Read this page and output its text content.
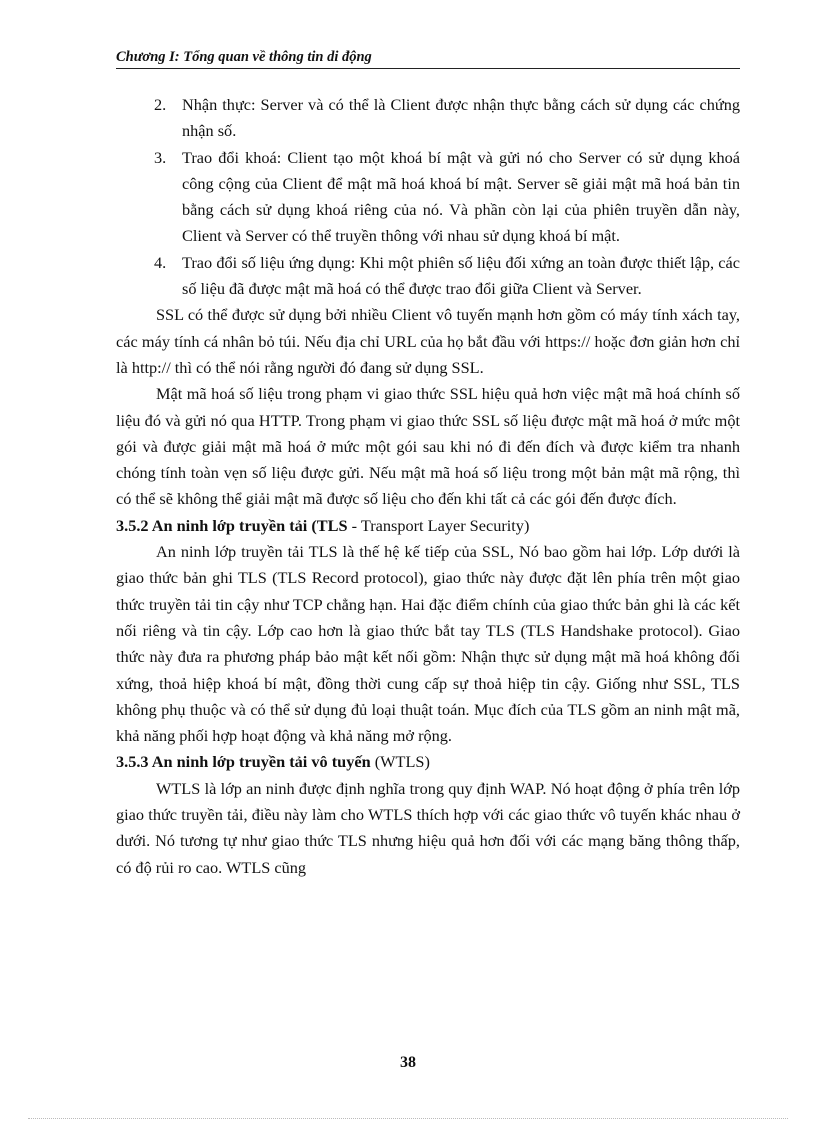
Chương I: Tổng quan về thông tin di động
2. Nhận thực: Server và có thể là Client được nhận thực bằng cách sử dụng các chứng nhận số.
3. Trao đổi khoá: Client tạo một khoá bí mật và gửi nó cho Server có sử dụng khoá công cộng của Client để mật mã hoá khoá bí mật. Server sẽ giải mật mã hoá bản tin bằng cách sử dụng khoá riêng của nó. Và phần còn lại của phiên truyền dẫn này, Client và Server có thể truyền thông với nhau sử dụng khoá bí mật.
4. Trao đổi số liệu ứng dụng: Khi một phiên số liệu đối xứng an toàn được thiết lập, các số liệu đã được mật mã hoá có thể được trao đổi giữa Client và Server.

SSL có thể được sử dụng bởi nhiều Client vô tuyến mạnh hơn gồm có máy tính xách tay, các máy tính cá nhân bỏ túi. Nếu địa chỉ URL của họ bắt đầu với https:// hoặc đơn giản hơn chỉ là http:// thì có thể nói rằng người đó đang sử dụng SSL.

Mật mã hoá số liệu trong phạm vi giao thức SSL hiệu quả hơn việc mật mã hoá chính số liệu đó và gửi nó qua HTTP. Trong phạm vi giao thức SSL số liệu được mật mã hoá ở mức một gói và được giải mật mã hoá ở mức một gói sau khi nó đi đến đích và được kiểm tra nhanh chóng tính toàn vẹn số liệu được gửi. Nếu mật mã hoá số liệu trong một bản mật mã rộng, thì có thể sẽ không thể giải mật mã được số liệu cho đến khi tất cả các gói đến được đích.

3.5.2 An ninh lớp truyền tải (TLS - Transport Layer Security)

An ninh lớp truyền tải TLS là thế hệ kế tiếp của SSL, Nó bao gồm hai lớp. Lớp dưới là giao thức bản ghi TLS (TLS Record protocol), giao thức này được đặt lên phía trên một giao thức truyền tải tin cậy như TCP chẳng hạn. Hai đặc điểm chính của giao thức bản ghi là các kết nối riêng và tin cậy. Lớp cao hơn là giao thức bắt tay TLS (TLS Handshake protocol). Giao thức này đưa ra phương pháp bảo mật kết nối gồm: Nhận thực sử dụng mật mã hoá không đối xứng, thoả hiệp khoá bí mật, đồng thời cung cấp sự thoả hiệp tin cậy. Giống như SSL, TLS không phụ thuộc và có thể sử dụng đủ loại thuật toán. Mục đích của TLS gồm an ninh mật mã, khả năng phối hợp hoạt động và khả năng mở rộng.

3.5.3 An ninh lớp truyền tải vô tuyến (WTLS)

WTLS là lớp an ninh được định nghĩa trong quy định WAP. Nó hoạt động ở phía trên lớp giao thức truyền tải, điều này làm cho WTLS thích hợp với các giao thức vô tuyến khác nhau ở dưới. Nó tương tự như giao thức TLS nhưng hiệu quả hơn đối với các mạng băng thông thấp, có độ rủi ro cao. WTLS cũng

38
